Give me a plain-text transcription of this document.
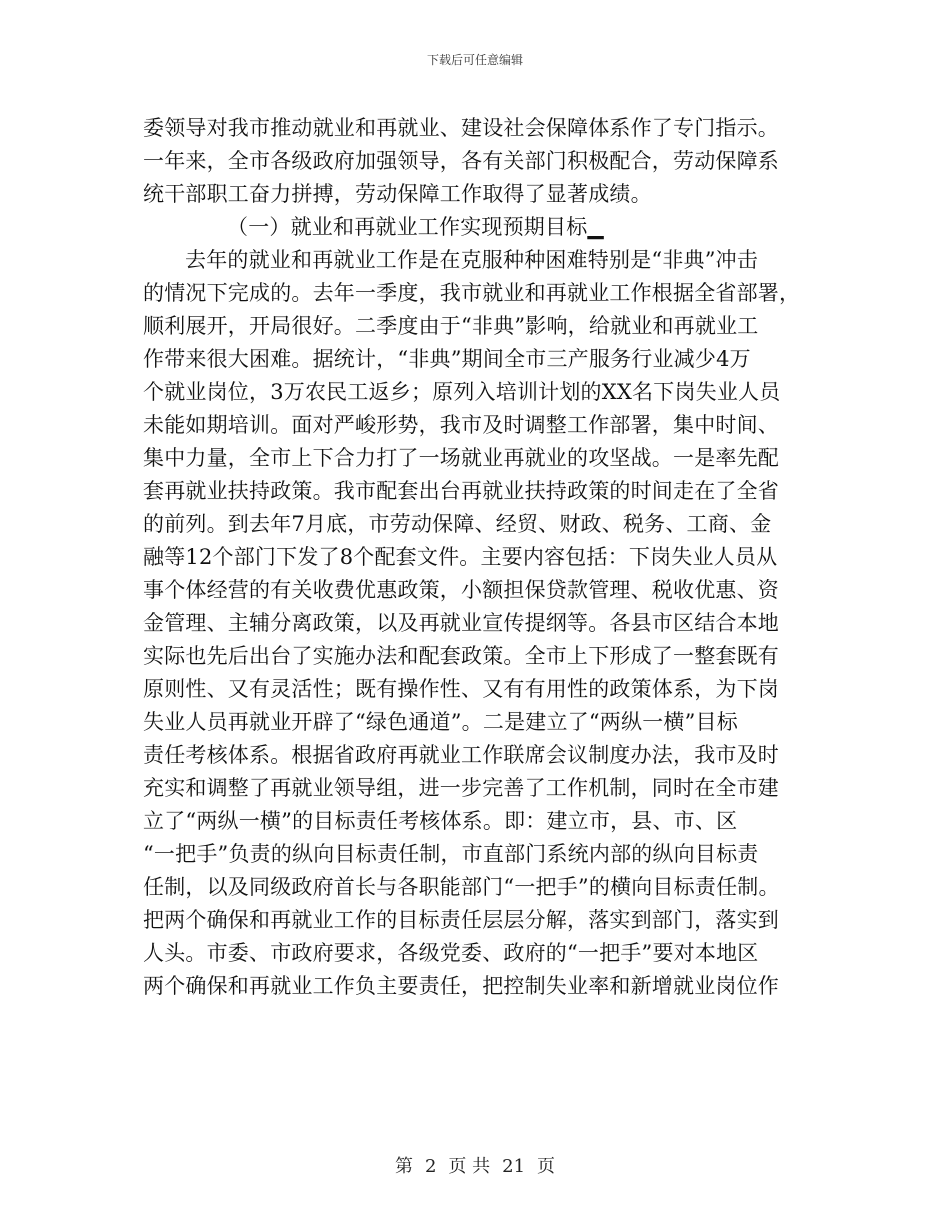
下载后可任意编辑
委领导对我市推动就业和再就业、建设社会保障体系作了专门指示。
一年来，全市各级政府加强领导，各有关部门积极配合，劳动保障系
统干部职工奋力拼搏，劳动保障工作取得了显著成绩。
（一）就业和再就业工作实现预期目标▁
去年的就业和再就业工作是在克服种种困难特别是“非典”冲击
的情况下完成的。去年一季度，我市就业和再就业工作根据全省部署，
顺利展开，开局很好。二季度由于“非典”影响，给就业和再就业工
作带来很大困难。据统计，“非典”期间全市三产服务行业减少4万
个就业岗位，3万农民工返乡；原列入培训计划的XX名下岗失业人员
未能如期培训。面对严峻形势，我市及时调整工作部署，集中时间、
集中力量，全市上下合力打了一场就业再就业的攻坚战。一是率先配
套再就业扶持政策。我市配套出台再就业扶持政策的时间走在了全省
的前列。到去年7月底，市劳动保障、经贸、财政、税务、工商、金
融等12个部门下发了8个配套文件。主要内容包括：下岗失业人员从
事个体经营的有关收费优惠政策，小额担保贷款管理、税收优惠、资
金管理、主辅分离政策，以及再就业宣传提纲等。各县市区结合本地
实际也先后出台了实施办法和配套政策。全市上下形成了一整套既有
原则性、又有灵活性；既有操作性、又有有用性的政策体系，为下岗
失业人员再就业开辟了“绿色通道”。二是建立了“两纵一横”目标
责任考核体系。根据省政府再就业工作联席会议制度办法，我市及时
充实和调整了再就业领导组，进一步完善了工作机制，同时在全市建
立了“两纵一横”的目标责任考核体系。即：建立市，县、市、区
“一把手”负责的纵向目标责任制，市直部门系统内部的纵向目标责
任制，以及同级政府首长与各职能部门“一把手”的横向目标责任制。
把两个确保和再就业工作的目标责任层层分解，落实到部门，落实到
人头。市委、市政府要求，各级党委、政府的“一把手”要对本地区
两个确保和再就业工作负主要责任，把控制失业率和新增就业岗位作
第 2 页 共 21 页
